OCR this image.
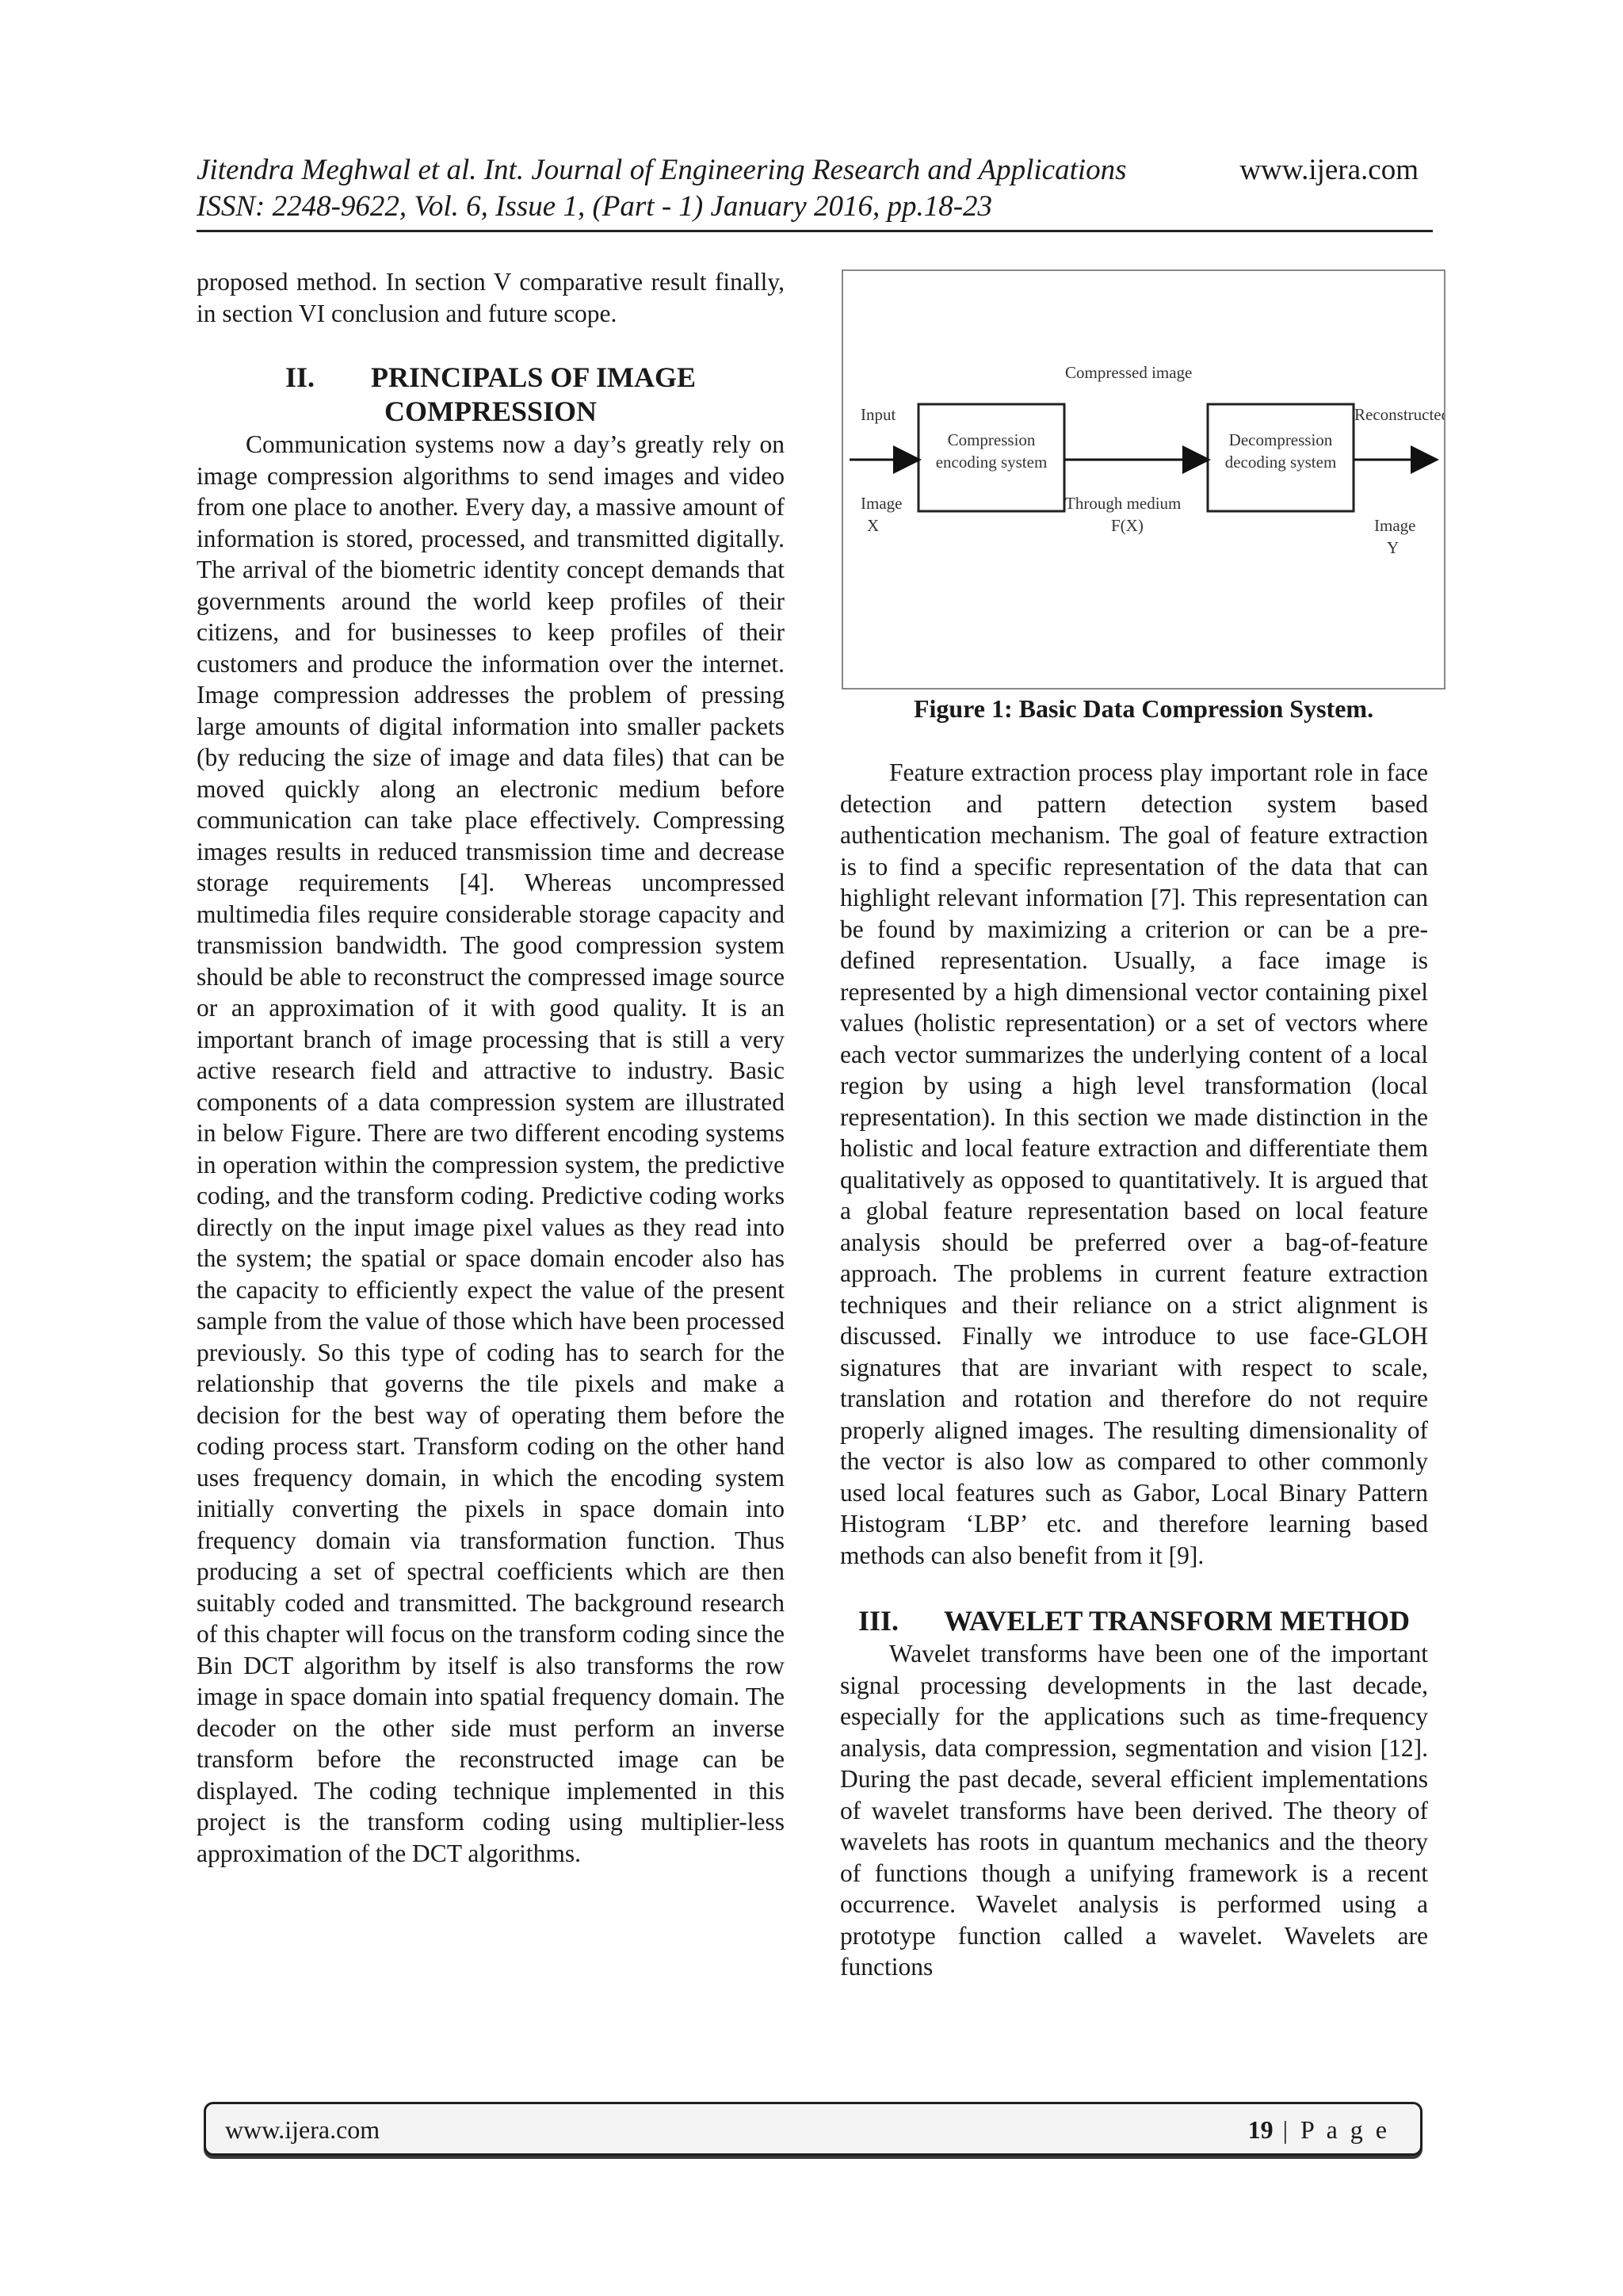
Jitendra Meghwal et al. Int. Journal of Engineering Research and Applications
ISSN: 2248-9622, Vol. 6, Issue 1, (Part - 1) January 2016, pp.18-23
www.ijera.com

proposed method. In section V comparative result finally, in section VI conclusion and future scope.

II. PRINCIPALS OF IMAGE COMPRESSION

Communication systems now a day’s greatly rely on image compression algorithms to send images and video from one place to another. Every day, a massive amount of information is stored, processed, and transmitted digitally. The arrival of the biometric identity concept demands that governments around the world keep profiles of their citizens, and for businesses to keep profiles of their customers and produce the information over the internet. Image compression addresses the problem of pressing large amounts of digital information into smaller packets (by reducing the size of image and data files) that can be moved quickly along an electronic medium before communication can take place effectively. Compressing images results in reduced transmission time and decrease storage requirements [4]. Whereas uncompressed multimedia files require considerable storage capacity and transmission bandwidth. The good compression system should be able to reconstruct the compressed image source or an approximation of it with good quality. It is an important branch of image processing that is still a very active research field and attractive to industry. Basic components of a data compression system are illustrated in below Figure. There are two different encoding systems in operation within the compression system, the predictive coding, and the transform coding. Predictive coding works directly on the input image pixel values as they read into the system; the spatial or space domain encoder also has the capacity to efficiently expect the value of the present sample from the value of those which have been processed previously. So this type of coding has to search for the relationship that governs the tile pixels and make a decision for the best way of operating them before the coding process start. Transform coding on the other hand uses frequency domain, in which the encoding system initially converting the pixels in space domain into frequency domain via transformation function. Thus producing a set of spectral coefficients which are then suitably coded and transmitted. The background research of this chapter will focus on the transform coding since the Bin DCT algorithm by itself is also transforms the row image in space domain into spatial frequency domain. The decoder on the other side must perform an inverse transform before the reconstructed image can be displayed. The coding technique implemented in this project is the transform coding using multiplier-less approximation of the DCT algorithms.

Compressed image
Input
Image
X
Compression
encoding system
Through medium
F(X)
Decompression
decoding system
Reconstructed
Image
Y
Figure 1: Basic Data Compression System.

Feature extraction process play important role in face detection and pattern detection system based authentication mechanism. The goal of feature extraction is to find a specific representation of the data that can highlight relevant information [7]. This representation can be found by maximizing a criterion or can be a pre-defined representation. Usually, a face image is represented by a high dimensional vector containing pixel values (holistic representation) or a set of vectors where each vector summarizes the underlying content of a local region by using a high level transformation (local representation). In this section we made distinction in the holistic and local feature extraction and differentiate them qualitatively as opposed to quantitatively. It is argued that a global feature representation based on local feature analysis should be preferred over a bag-of-feature approach. The problems in current feature extraction techniques and their reliance on a strict alignment is discussed. Finally we introduce to use face-GLOH signatures that are invariant with respect to scale, translation and rotation and therefore do not require properly aligned images. The resulting dimensionality of the vector is also low as compared to other commonly used local features such as Gabor, Local Binary Pattern Histogram ‘LBP’ etc. and therefore learning based methods can also benefit from it [9].

III. WAVELET TRANSFORM METHOD

Wavelet transforms have been one of the important signal processing developments in the last decade, especially for the applications such as time-frequency analysis, data compression, segmentation and vision [12]. During the past decade, several efficient implementations of wavelet transforms have been derived. The theory of wavelets has roots in quantum mechanics and the theory of functions though a unifying framework is a recent occurrence. Wavelet analysis is performed using a prototype function called a wavelet. Wavelets are functions

www.ijera.com	19 | P a g e
